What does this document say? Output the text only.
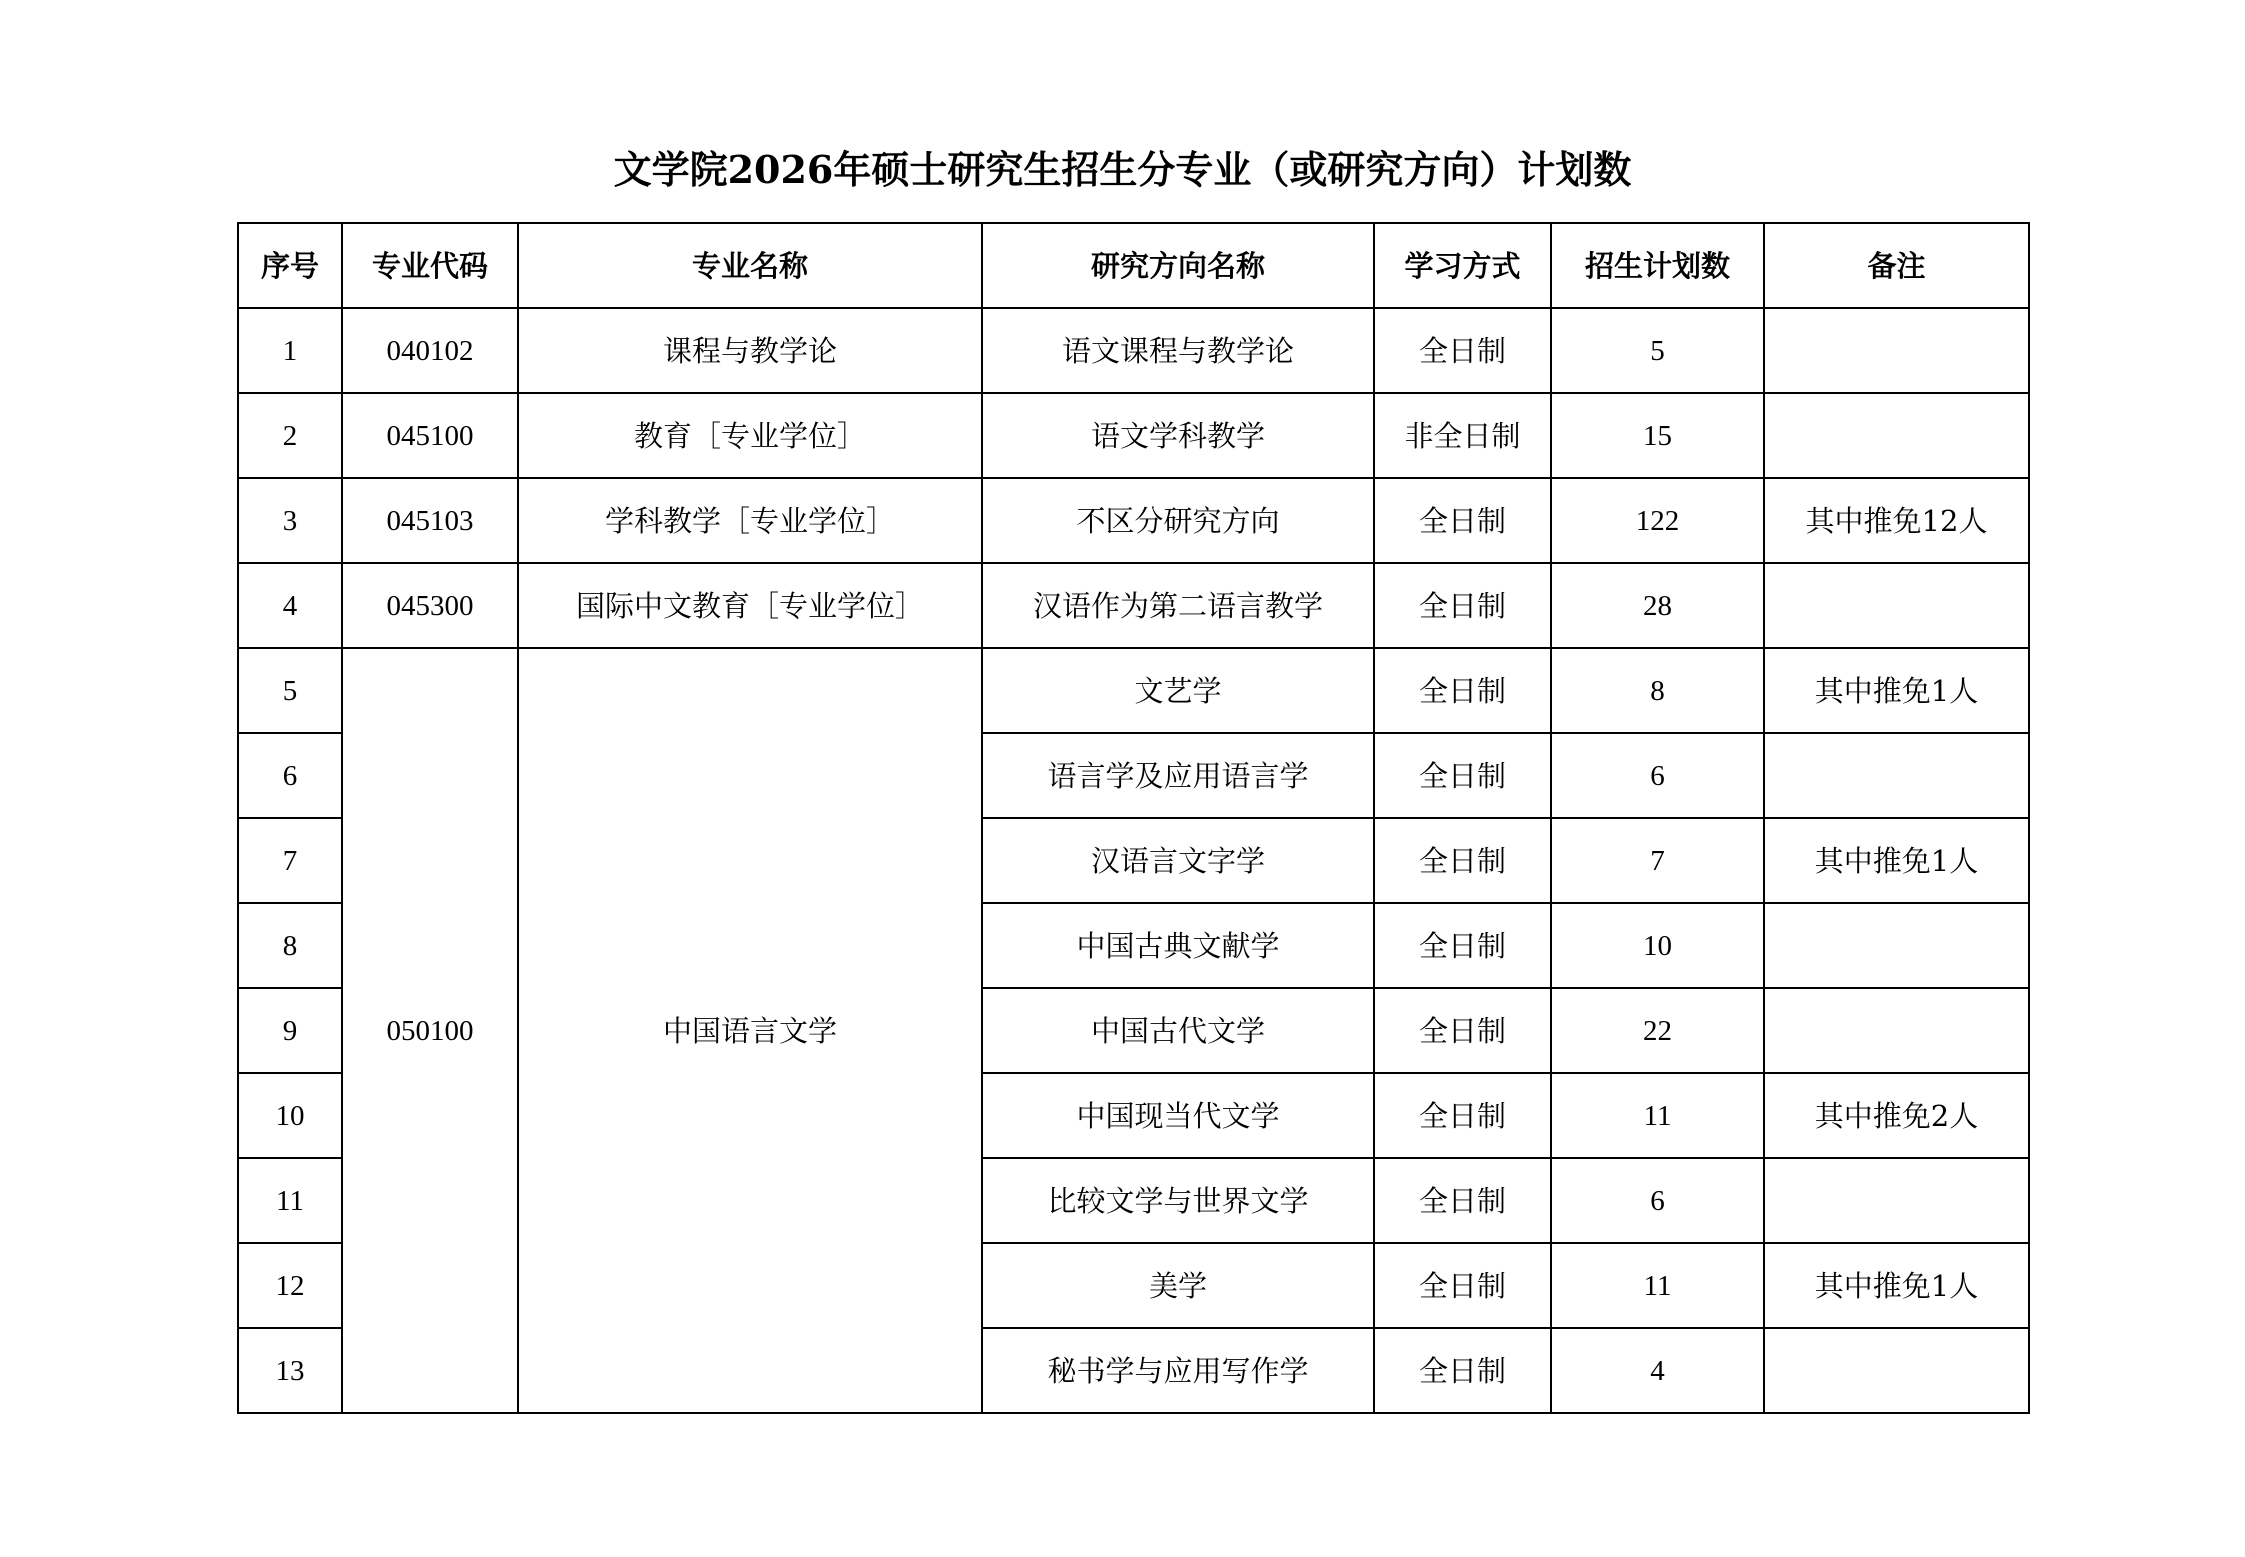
文学院2026年硕士研究生招生分专业（或研究方向）计划数
序号	专业代码	专业名称	研究方向名称	学习方式	招生计划数	备注
1	040102	课程与教学论	语文课程与教学论	全日制	5	
2	045100	教育［专业学位］	语文学科教学	非全日制	15	
3	045103	学科教学［专业学位］	不区分研究方向	全日制	122	其中推免12人
4	045300	国际中文教育［专业学位］	汉语作为第二语言教学	全日制	28	
5	050100	中国语言文学	文艺学	全日制	8	其中推免1人
6			语言学及应用语言学	全日制	6	
7			汉语言文字学	全日制	7	其中推免1人
8			中国古典文献学	全日制	10	
9			中国古代文学	全日制	22	
10			中国现当代文学	全日制	11	其中推免2人
11			比较文学与世界文学	全日制	6	
12			美学	全日制	11	其中推免1人
13			秘书学与应用写作学	全日制	4	
